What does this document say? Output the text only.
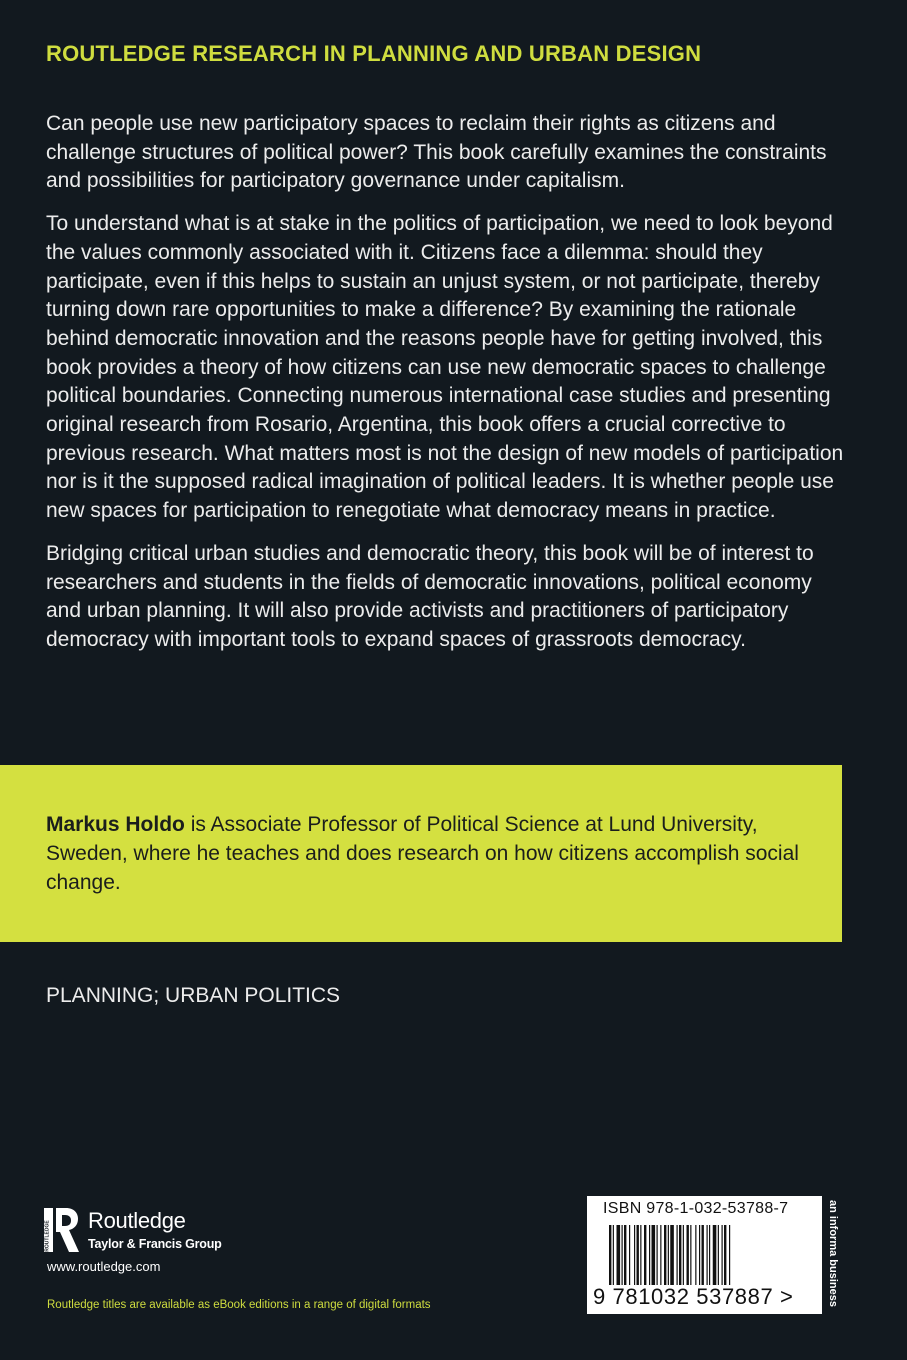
ROUTLEDGE RESEARCH IN PLANNING AND URBAN DESIGN

Can people use new participatory spaces to reclaim their rights as citizens and challenge structures of political power? This book carefully examines the constraints and possibilities for participatory governance under capitalism.

To understand what is at stake in the politics of participation, we need to look beyond the values commonly associated with it. Citizens face a dilemma: should they participate, even if this helps to sustain an unjust system, or not participate, thereby turning down rare opportunities to make a difference? By examining the rationale behind democratic innovation and the reasons people have for getting involved, this book provides a theory of how citizens can use new democratic spaces to challenge political boundaries. Connecting numerous international case studies and presenting original research from Rosario, Argentina, this book offers a crucial corrective to previous research. What matters most is not the design of new models of participation nor is it the supposed radical imagination of political leaders. It is whether people use new spaces for participation to renegotiate what democracy means in practice.

Bridging critical urban studies and democratic theory, this book will be of interest to researchers and students in the fields of democratic innovations, political economy and urban planning. It will also provide activists and practitioners of participatory democracy with important tools to expand spaces of grassroots democracy.

Markus Holdo is Associate Professor of Political Science at Lund University, Sweden, where he teaches and does research on how citizens accomplish social change.

PLANNING; URBAN POLITICS

ROUTLEDGE Routledge
Taylor & Francis Group
www.routledge.com
Routledge titles are available as eBook editions in a range of digital formats
ISBN 978-1-032-53788-7
9 781032 537887 >	an informa business
